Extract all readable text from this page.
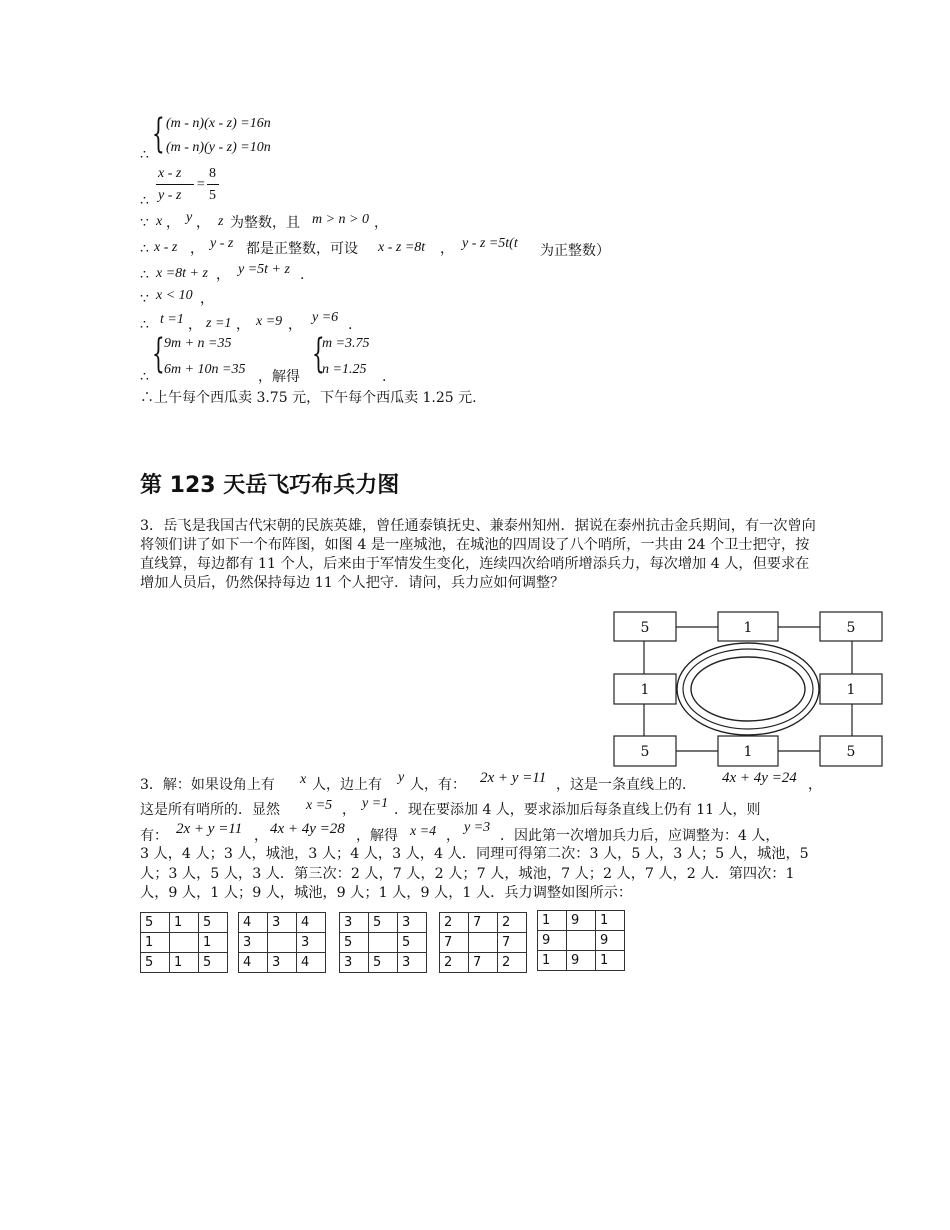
∴ { (m - n)(x - z) =16n
(m - n)(y - z) =10n
∴
x - z
y - z
=
8
5
∵ x ， y ， z 为整数，且 m > n > 0 ，
∴ x - z ， y - z 都是正整数，可设 x - z =8t ， y - z =5t(t 为正整数）
∴ x =8t + z ， y =5t + z .
∵ x < 10 ，
∴ t =1 ， z =1 ， x =9 ， y =6 .
∴ { 9m + n =35
6m + 10n =35 ，解得 {
m =3.75
n =1.25 .
∴上午每个西瓜卖 3.75 元，下午每个西瓜卖 1.25 元.
第 123 天岳飞巧布兵力图
3．岳飞是我国古代宋朝的民族英雄，曾任通泰镇抚史、兼泰州知州．据说在泰州抗击金兵期间，有一次曾向将领们讲了如下一个布阵图，如图 4 是一座城池，在城池的四周设了八个哨所，一共由 24 个卫士把守，按直线算，每边都有 11 个人，后来由于军情发生变化，连续四次给哨所增添兵力，每次增加 4 人，但要求在增加人员后，仍然保持每边 11 个人把守．请问，兵力应如何调整？
5	1	5
1	1
5	1	5
3．解：如果设角上有 x 人，边上有 y 人，有： 2x + y =11 ，这是一条直线上的． 4x + 4y =24 ，
这是所有哨所的．显然 x =5 ， y =1 ．现在要添加 4 人，要求添加后每条直线上仍有 11 人，则
有： 2x + y =11 ， 4x + 4y =28 ，解得 x =4 ，
y =3
．因此第一次增加兵力后，应调整为：4 人，
3 人，4 人；3 人，城池，3 人；4 人，3 人，4 人．同理可得第二次：3 人，5 人，3 人；5 人，城池，5 人；3 人，5 人，3 人．第三次：2 人，7 人，2 人；7 人，城池，7 人；2 人，7 人，2 人．第四次：1 人，9 人，1 人；9 人，城池，9 人；1 人，9 人，1 人．兵力调整如图所示：
5	1	5
1		1
5	1	5
4	3	4
3		3
4	3	4
3	5	3
5		5
3	5	3
2	7	2
7		7
2	7	2
1	9	1
9		9
1	9	1
